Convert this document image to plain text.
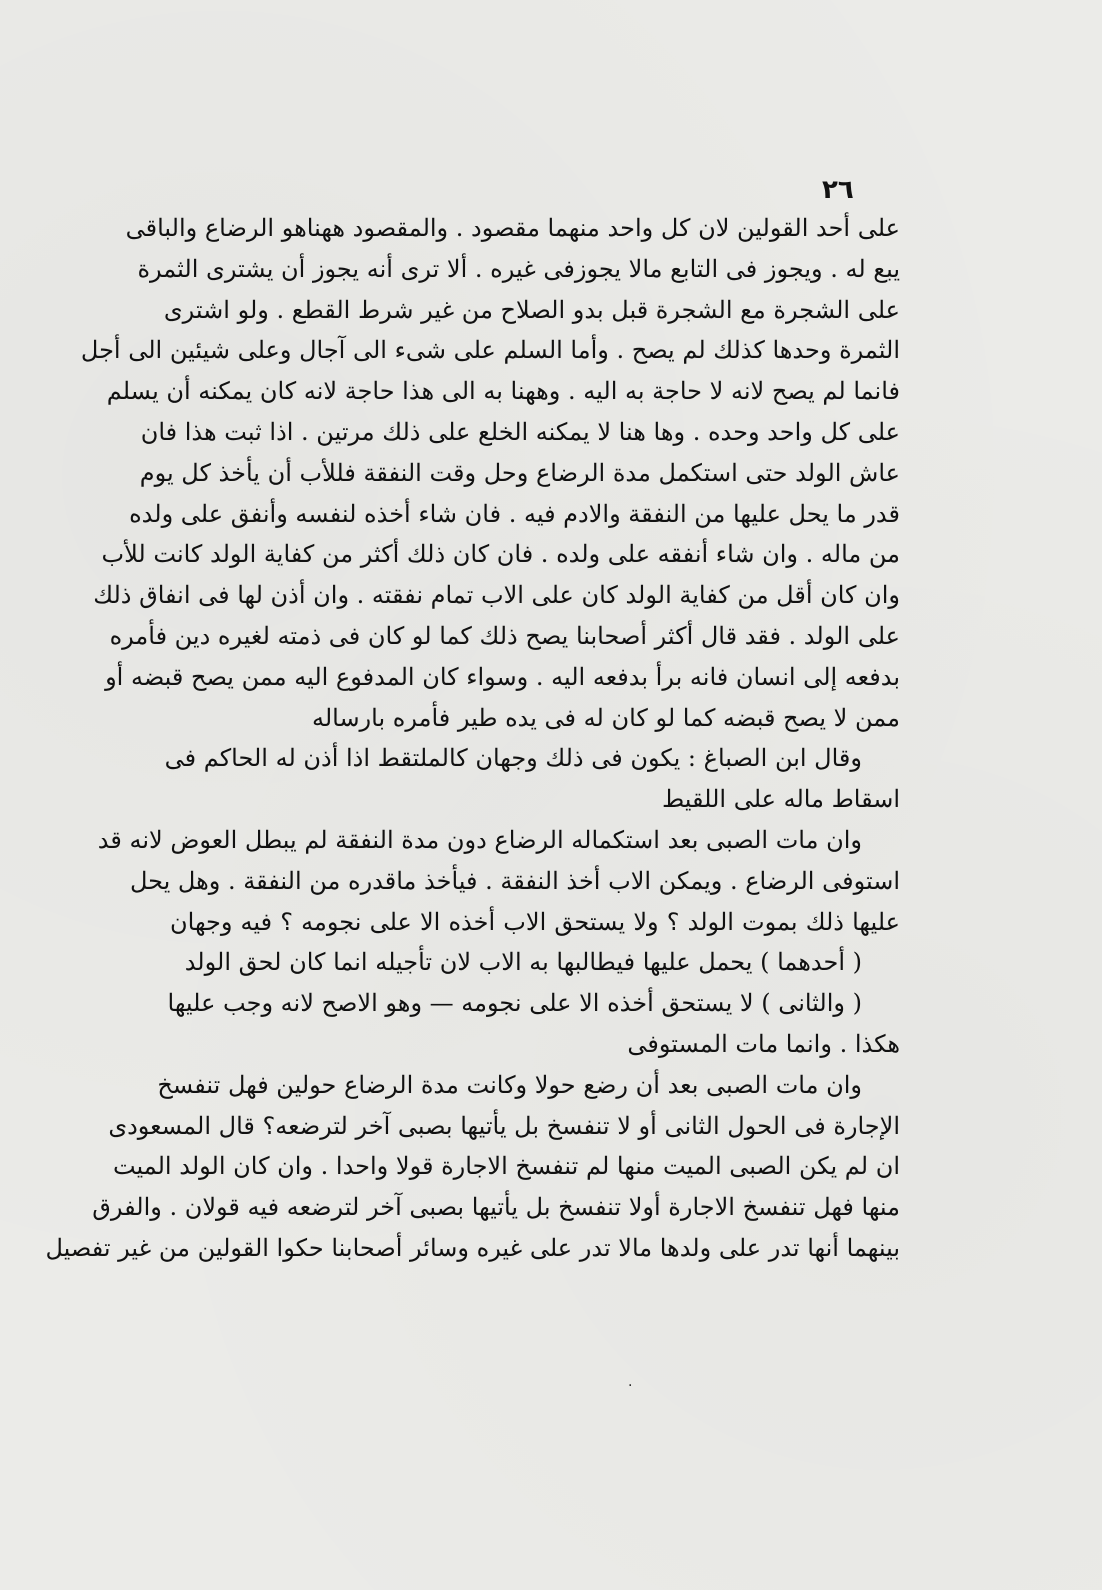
٢٦
على أحد القولين لان كل واحد منهما مقصود . والمقصود ههناهو الرضاع والباقى
يبع له . ويجوز فى التابع مالا يجوزفى غيره . ألا ترى أنه يجوز أن يشترى الثمرة
على الشجرة مع الشجرة قبل بدو الصلاح من غير شرط القطع . ولو اشترى
الثمرة وحدها كذلك لم يصح . وأما السلم على شىء الى آجال وعلى شيئين الى أجل
فانما لم يصح لانه لا حاجة به اليه . وههنا به الى هذا حاجة لانه كان يمكنه أن يسلم
على كل واحد وحده . وها هنا لا يمكنه الخلع على ذلك مرتين . اذا ثبت هذا فان
عاش الولد حتى استكمل مدة الرضاع وحل وقت النفقة فللأب أن يأخذ كل يوم
قدر ما يحل عليها من النفقة والادم فيه . فان شاء أخذه لنفسه وأنفق على ولده
من ماله . وان شاء أنفقه على ولده . فان كان ذلك أكثر من كفاية الولد كانت للأب
وان كان أقل من كفاية الولد كان على الاب تمام نفقته . وان أذن لها فى انفاق ذلك
على الولد . فقد قال أكثر أصحابنا يصح ذلك كما لو كان فى ذمته لغيره دين فأمره
بدفعه إلى انسان فانه برأ بدفعه اليه . وسواء كان المدفوع اليه ممن يصح قبضه أو
ممن لا يصح قبضه كما لو كان له فى يده طير فأمره بارساله
وقال ابن الصباغ : يكون فى ذلك وجهان كالملتقط اذا أذن له الحاكم فى
اسقاط ماله على اللقيط
وان مات الصبى بعد استكماله الرضاع دون مدة النفقة لم يبطل العوض لانه قد
استوفى الرضاع . ويمكن الاب أخذ النفقة . فيأخذ ماقدره من النفقة . وهل يحل
عليها ذلك بموت الولد ؟ ولا يستحق الاب أخذه الا على نجومه ؟ فيه وجهان
( أحدهما ) يحمل عليها فيطالبها به الاب لان تأجيله انما كان لحق الولد
( والثانى ) لا يستحق أخذه الا على نجومه — وهو الاصح لانه وجب عليها
هكذا . وانما مات المستوفى
وان مات الصبى بعد أن رضع حولا وكانت مدة الرضاع حولين فهل تنفسخ
الإجارة فى الحول الثانى أو لا تنفسخ بل يأتيها بصبى آخر لترضعه؟ قال المسعودى
ان لم يكن الصبى الميت منها لم تنفسخ الاجارة قولا واحدا . وان كان الولد الميت
منها فهل تنفسخ الاجارة أولا تنفسخ بل يأتيها بصبى آخر لترضعه فيه قولان . والفرق
بينهما أنها تدر على ولدها مالا تدر على غيره وسائر أصحابنا حكوا القولين من غير تفصيل
·
